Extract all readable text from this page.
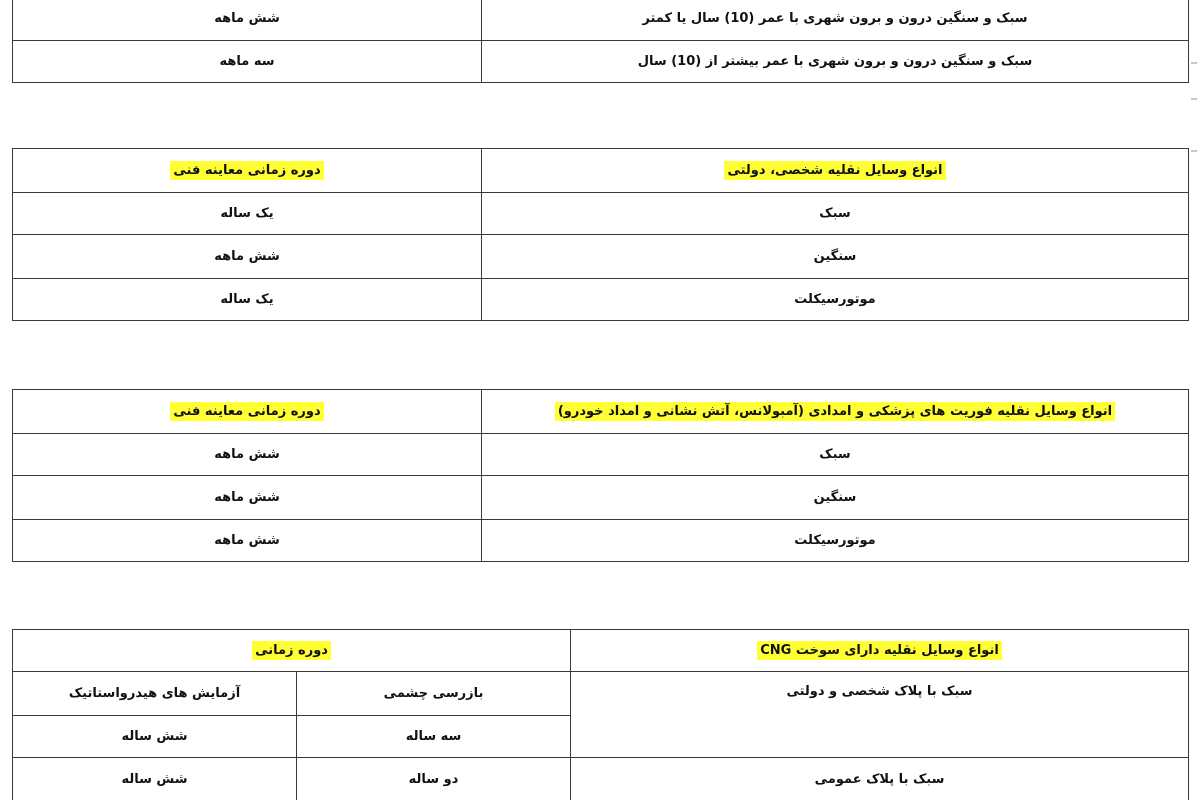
شش ماهه	سبک و سنگین درون و برون شهری با عمر (10) سال یا کمتر
سه ماهه	سبک و سنگین درون و برون شهری با عمر بیشتر از (10) سال
دوره زمانی معاینه فنی	انواع وسایل نقلیه شخصی، دولتی
یک ساله	سبک
شش ماهه	سنگین
یک ساله	موتورسیکلت
دوره زمانی معاینه فنی	انواع وسایل نقلیه فوریت های پزشکی و امدادی (آمبولانس، آتش نشانی و امداد خودرو)
شش ماهه	سبک
شش ماهه	سنگین
شش ماهه	موتورسیکلت
دوره زمانی		انواع وسایل نقلیه دارای سوخت CNG
آزمایش های هیدرواستاتیک	بازرسی چشمی	سبک با پلاک شخصی و دولتی
شش ساله	سه ساله	
شش ساله	دو ساله	سبک با پلاک عمومی
